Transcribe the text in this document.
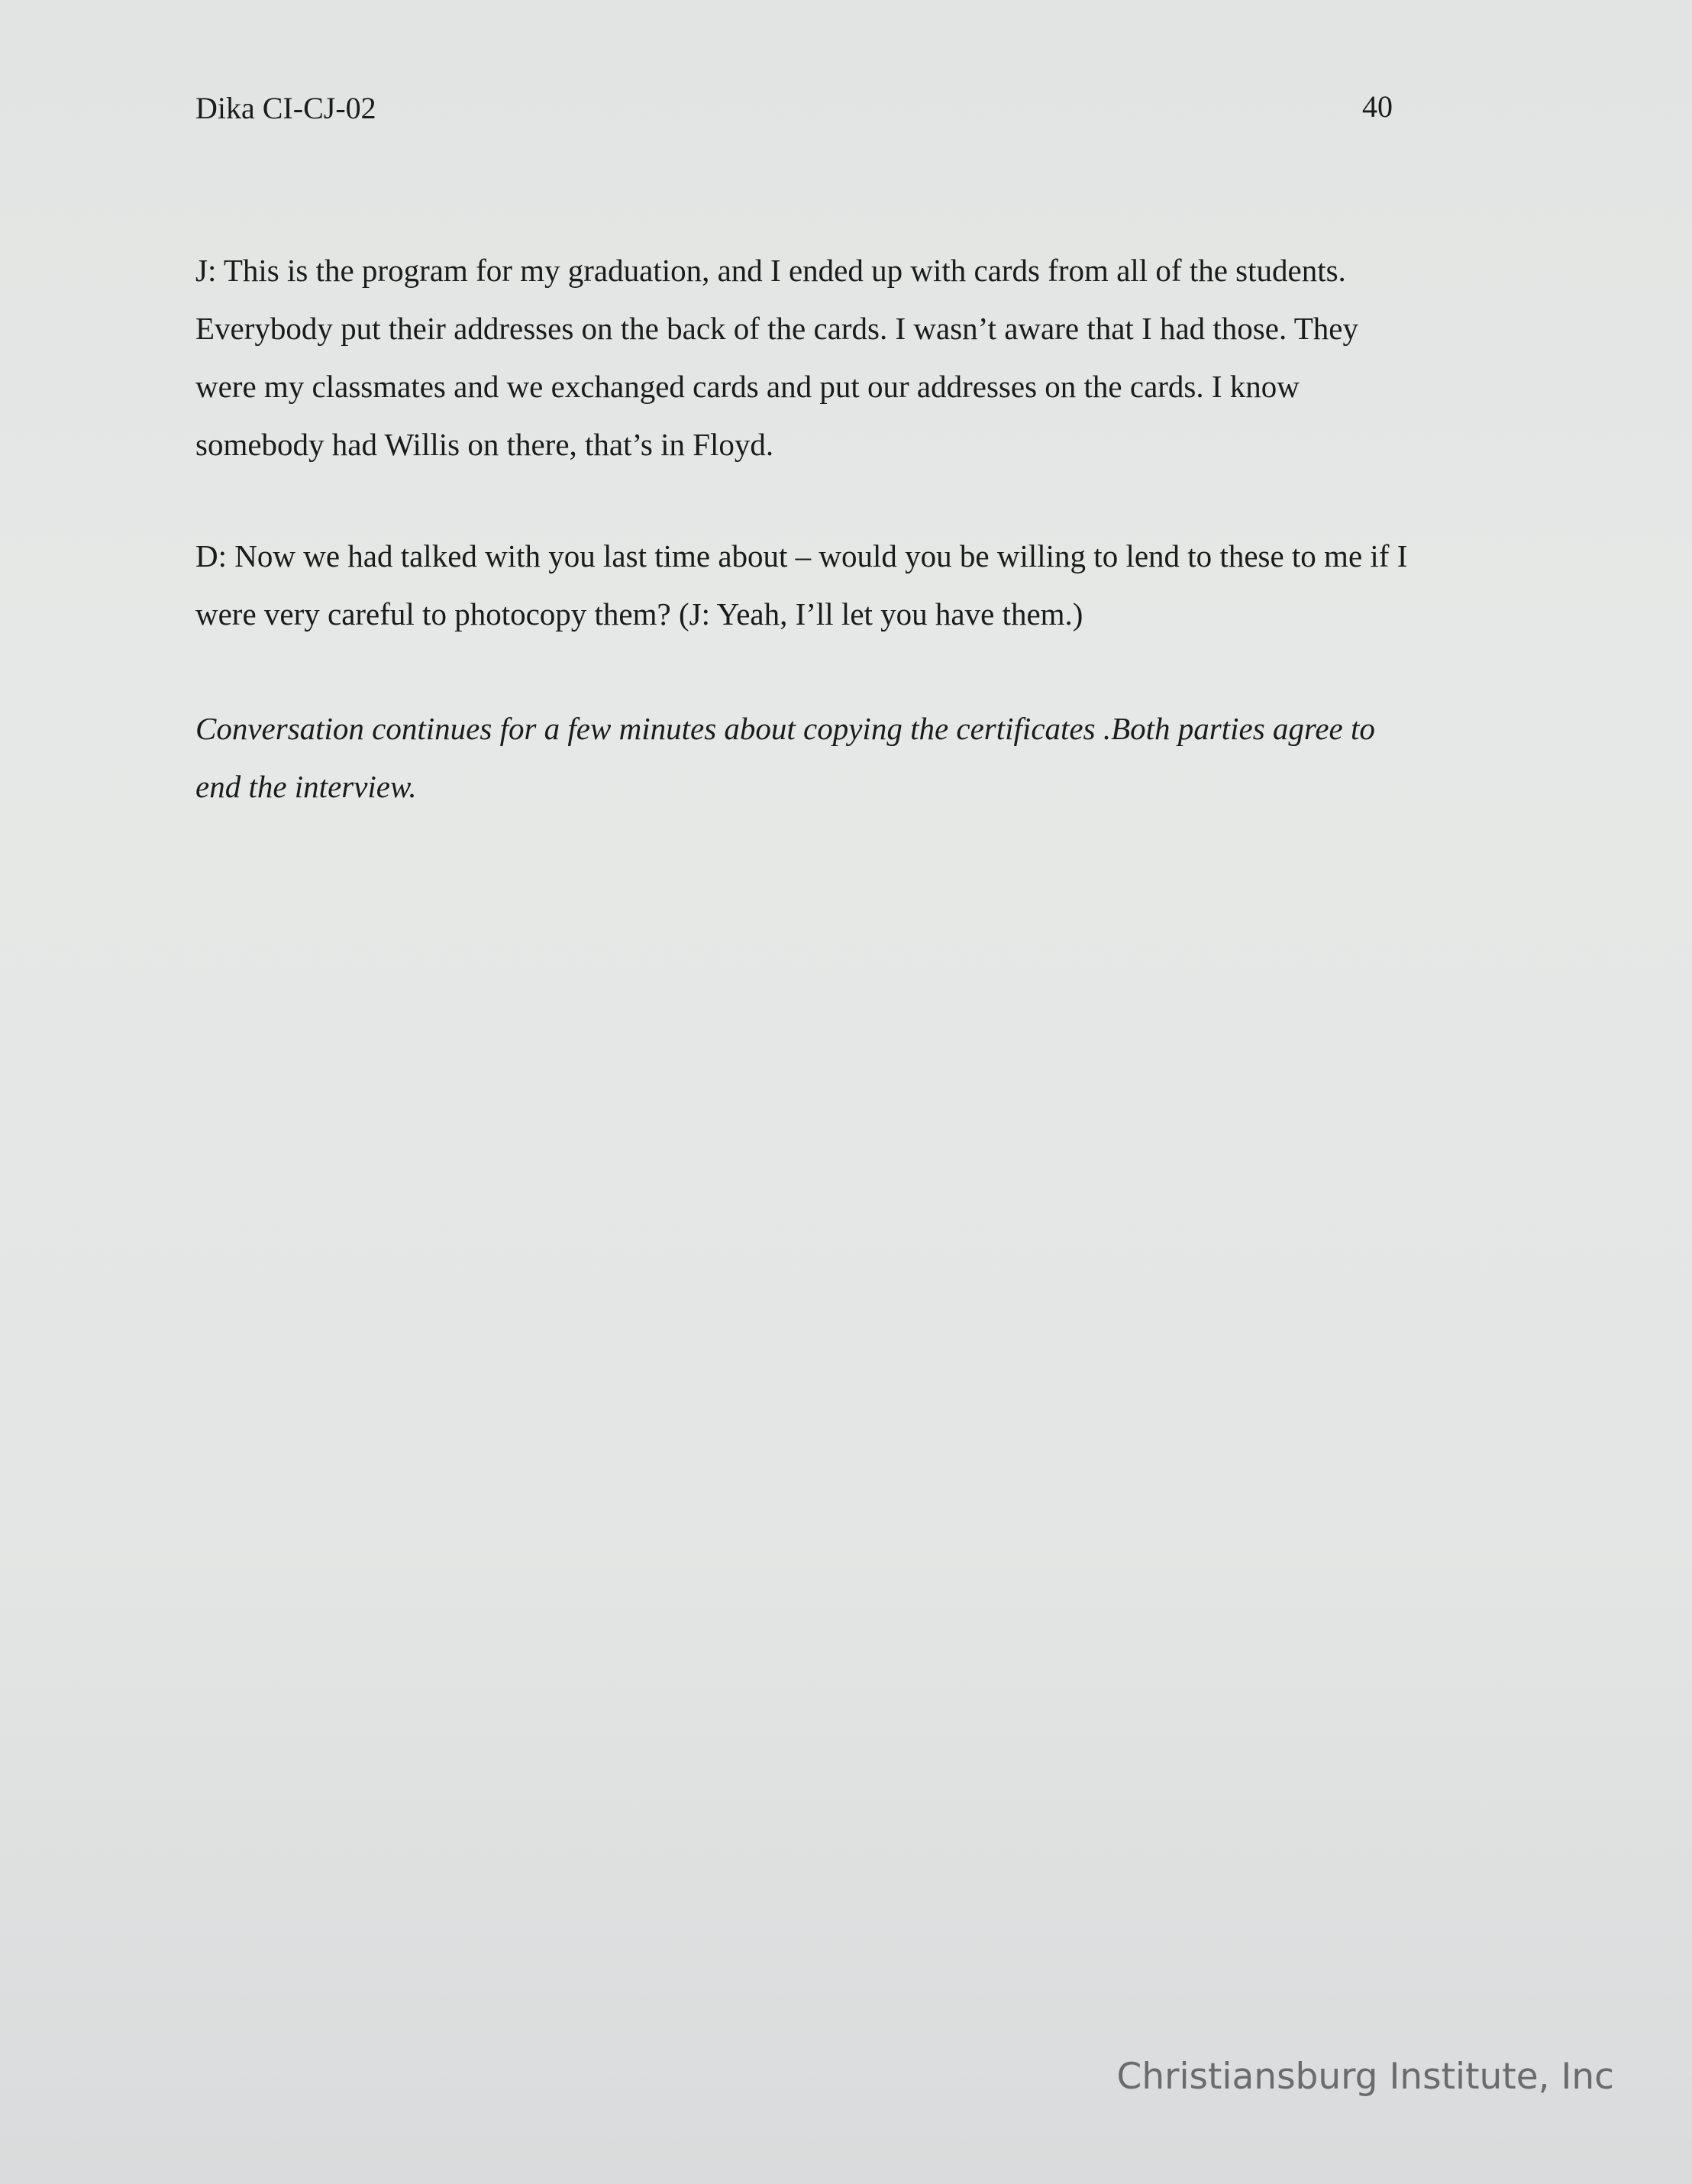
Dika CI-CJ-02	40

J: This is the program for my graduation, and I ended up with cards from all of the students.
Everybody put their addresses on the back of the cards. I wasn’t aware that I had those. They
were my classmates and we exchanged cards and put our addresses on the cards. I know
somebody had Willis on there, that’s in Floyd.

D: Now we had talked with you last time about – would you be willing to lend to these to me if I
were very careful to photocopy them? (J: Yeah, I’ll let you have them.)

Conversation continues for a few minutes about copying the certificates .Both parties agree to
end the interview.

Christiansburg Institute, Inc
